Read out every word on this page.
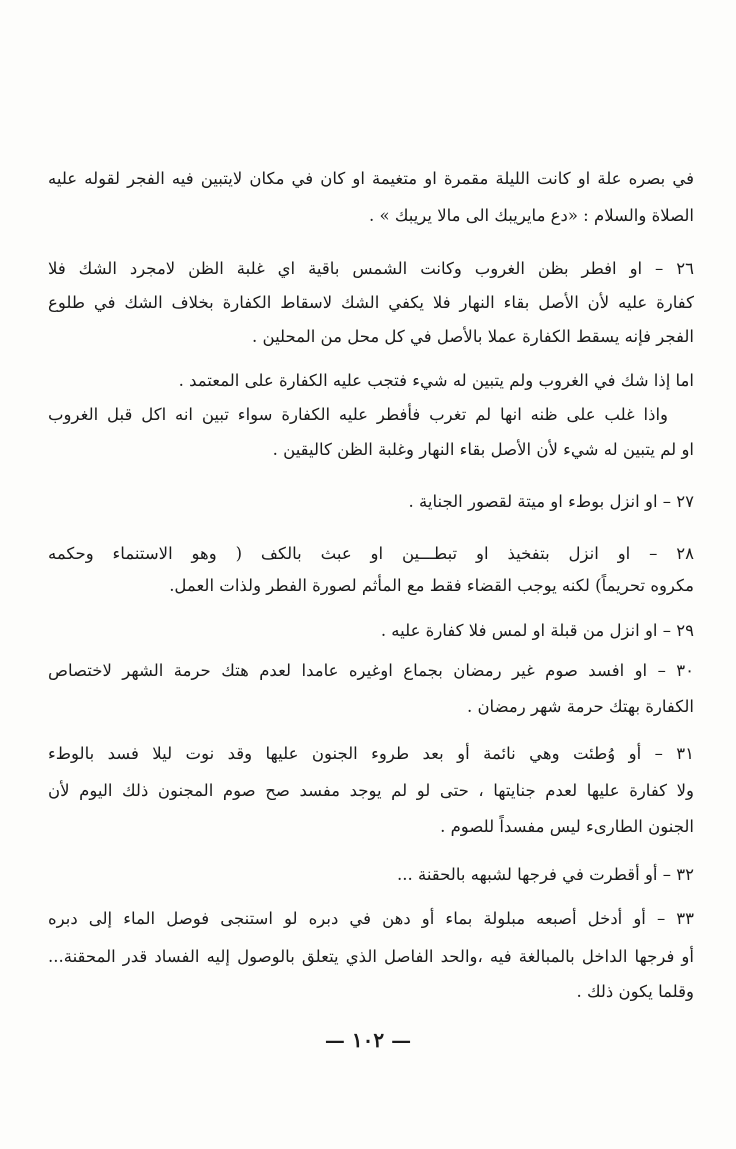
في بصره علة او كانت الليلة مقمرة او متغيمة او كان في مكان لايتبين فيه الفجر لقوله عليه
الصلاة والسلام : «دع مايريبك الى مالا يريبك » .
٢٦ – او افطر بظن الغروب وكانت الشمس باقية اي غلبة الظن لامجرد الشك فلا
كفارة عليه لأن الأصل بقاء النهار فلا يكفي الشك لاسقاط الكفارة بخلاف الشك في طلوع
الفجر فإنه يسقط الكفارة عملا بالأصل في كل محل من المحلين .
اما إذا شك في الغروب ولم يتبين له شيء فتجب عليه الكفارة على المعتمد .
واذا غلب على ظنه انها لم تغرب فأفطر عليه الكفارة سواء تبين انه اكل قبل الغروب
او لم يتبين له شيء لأن الأصل بقاء النهار وغلبة الظن كاليقين .
٢٧ – او انزل بوطء او ميتة لقصور الجناية .
٢٨ – او انزل بتفخيذ او تبطـــين او عبث بالكف ( وهو الاستنماء وحكمه
مكروه تحريماً) لكنه يوجب القضاء فقط مع المأثم لصورة الفطر ولذات العمل.
٢٩ – او انزل من قبلة او لمس فلا كفارة عليه .
٣٠ – او افسد صوم غير رمضان بجماع اوغيره عامدا لعدم هتك حرمة الشهر لاختصاص
الكفارة بهتك حرمة شهر رمضان .
٣١ – أو وُطئت وهي نائمة أو بعد طروء الجنون عليها وقد نوت ليلا فسد بالوطء
ولا كفارة عليها لعدم جنايتها ، حتى لو لم يوجد مفسد صح صوم المجنون ذلك اليوم لأن
الجنون الطارىء ليس مفسداً للصوم .
٣٢ – أو أقطرت في فرجها لشبهه بالحقنة ...
٣٣ – أو أدخل أصبعه مبلولة بماء أو دهن في دبره لو استنجى فوصل الماء إلى دبره
أو فرجها الداخل بالمبالغة فيه ،والحد الفاصل الذي يتعلق بالوصول إليه الفساد قدر المحقنة...
وقلما يكون ذلك .
— ١٠٢ —
